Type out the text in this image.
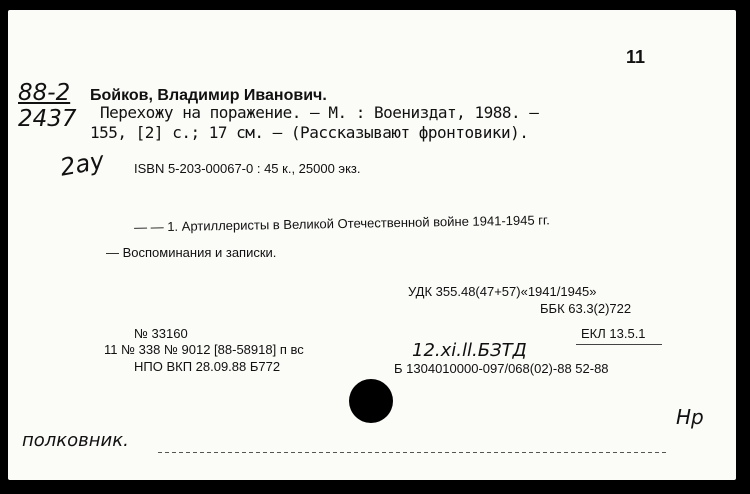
11
88-2
2437
Бойков, Владимир Иванович.
Перехожу на поражение. — М. : Воениздат, 1988. —
155, [2] с.; 17 см. — (Рассказывают фронтовики).
2ay ISBN 5-203-00067-0 : 45 к., 25000 экз.
— — 1. Артиллеристы в Великой Отечественной войне 1941-1945 гг.
— Воспоминания и записки.
УДК 355.48(47+57)«1941/1945»
ББК 63.3(2)722
№ 33160
11 № 338 № 9012 [88-58918] п вс
НПО ВКП 28.09.88 Б772
ЕКЛ 13.5.1
12.xi.ll.БЗТД
Б 1304010000-097/068(02)-88 52-88
Нр
полковник.
